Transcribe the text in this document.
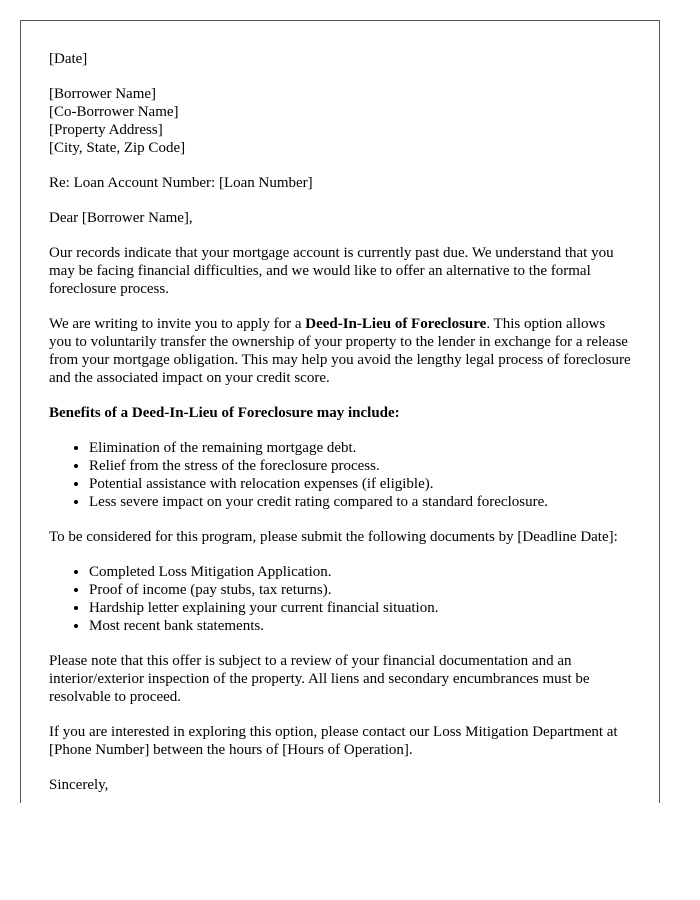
[Date]
[Borrower Name]
[Co-Borrower Name]
[Property Address]
[City, State, Zip Code]
Re: Loan Account Number: [Loan Number]
Dear [Borrower Name],
Our records indicate that your mortgage account is currently past due. We understand that you may be facing financial difficulties, and we would like to offer an alternative to the formal foreclosure process.
We are writing to invite you to apply for a Deed-In-Lieu of Foreclosure. This option allows you to voluntarily transfer the ownership of your property to the lender in exchange for a release from your mortgage obligation. This may help you avoid the lengthy legal process of foreclosure and the associated impact on your credit score.
Benefits of a Deed-In-Lieu of Foreclosure may include:
• Elimination of the remaining mortgage debt.
• Relief from the stress of the foreclosure process.
• Potential assistance with relocation expenses (if eligible).
• Less severe impact on your credit rating compared to a standard foreclosure.
To be considered for this program, please submit the following documents by [Deadline Date]:
• Completed Loss Mitigation Application.
• Proof of income (pay stubs, tax returns).
• Hardship letter explaining your current financial situation.
• Most recent bank statements.
Please note that this offer is subject to a review of your financial documentation and an interior/exterior inspection of the property. All liens and secondary encumbrances must be resolvable to proceed.
If you are interested in exploring this option, please contact our Loss Mitigation Department at [Phone Number] between the hours of [Hours of Operation].
Sincerely,
